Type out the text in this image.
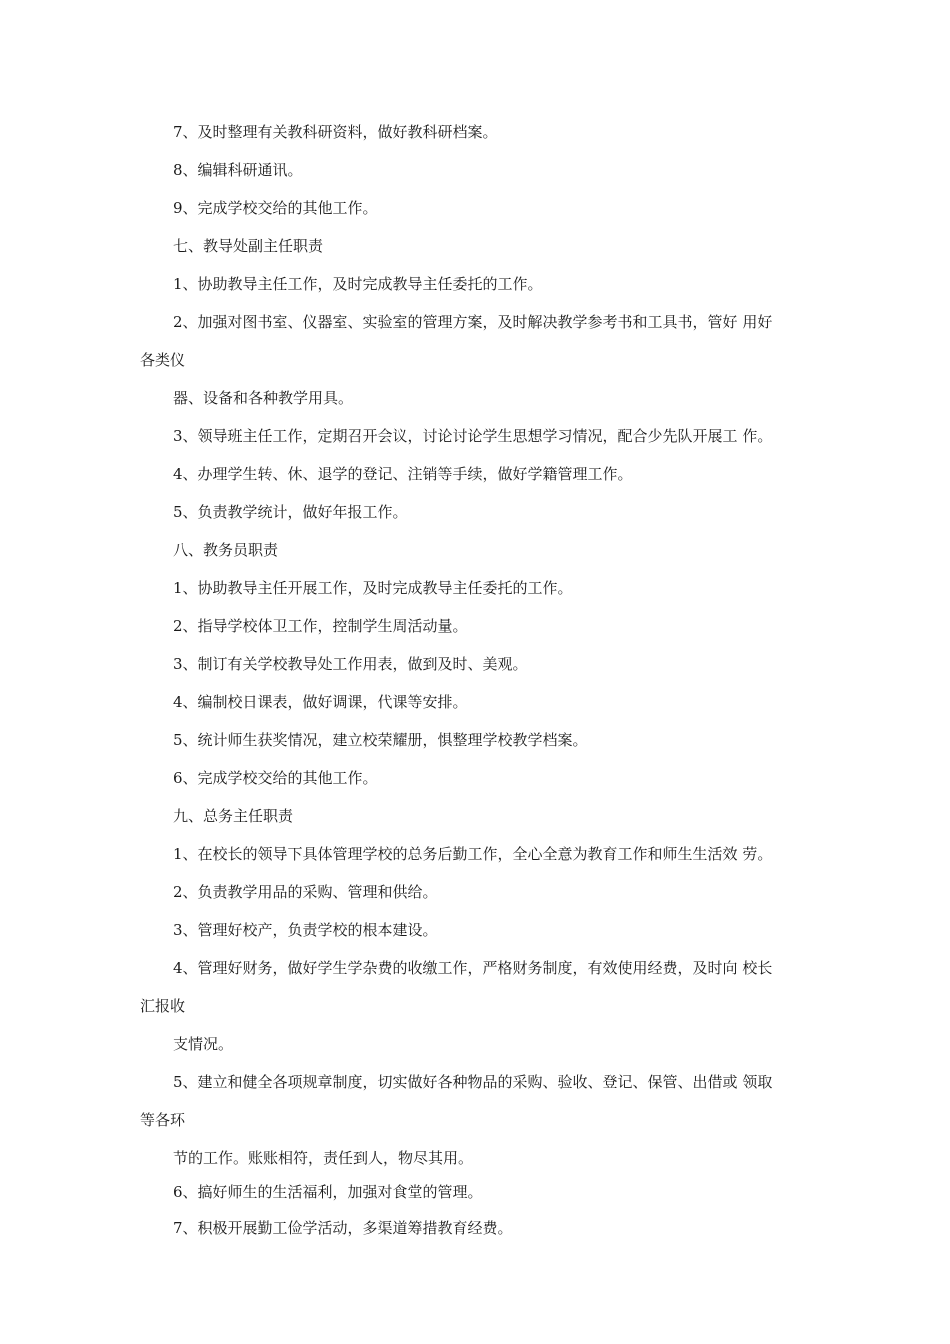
7、及时整理有关教科研资料，做好教科研档案。

8、编辑科研通讯。

9、完成学校交给的其他工作。

七、教导处副主任职责

1、协助教导主任工作，及时完成教导主任委托的工作。

2、加强对图书室、仪器室、实验室的管理方案，及时解决教学参考书和工具书，管好 用好

各类仪

器、设备和各种教学用具。

3、领导班主任工作，定期召开会议，讨论讨论学生思想学习情况，配合少先队开展工 作。

4、办理学生转、休、退学的登记、注销等手续，做好学籍管理工作。

5、负责教学统计，做好年报工作。

八、教务员职责

1、协助教导主任开展工作，及时完成教导主任委托的工作。

2、指导学校体卫工作，控制学生周活动量。

3、制订有关学校教导处工作用表，做到及时、美观。

4、编制校日课表，做好调课，代课等安排。

5、统计师生获奖情况，建立校荣耀册，惧整理学校教学档案。

6、完成学校交给的其他工作。

九、总务主任职责

1、在校长的领导下具体管理学校的总务后勤工作，全心全意为教育工作和师生生活效 劳。

2、负责教学用品的采购、管理和供给。

3、管理好校产，负责学校的根本建设。

4、管理好财务，做好学生学杂费的收缴工作，严格财务制度，有效使用经费，及时向 校长

汇报收

支情况。

5、建立和健全各项规章制度，切实做好各种物品的采购、验收、登记、保管、出借或 领取

等各环

节的工作。账账相符，责任到人，物尽其用。

6、搞好师生的生活福利，加强对食堂的管理。

7、积极开展勤工俭学活动，多渠道筹措教育经费。
